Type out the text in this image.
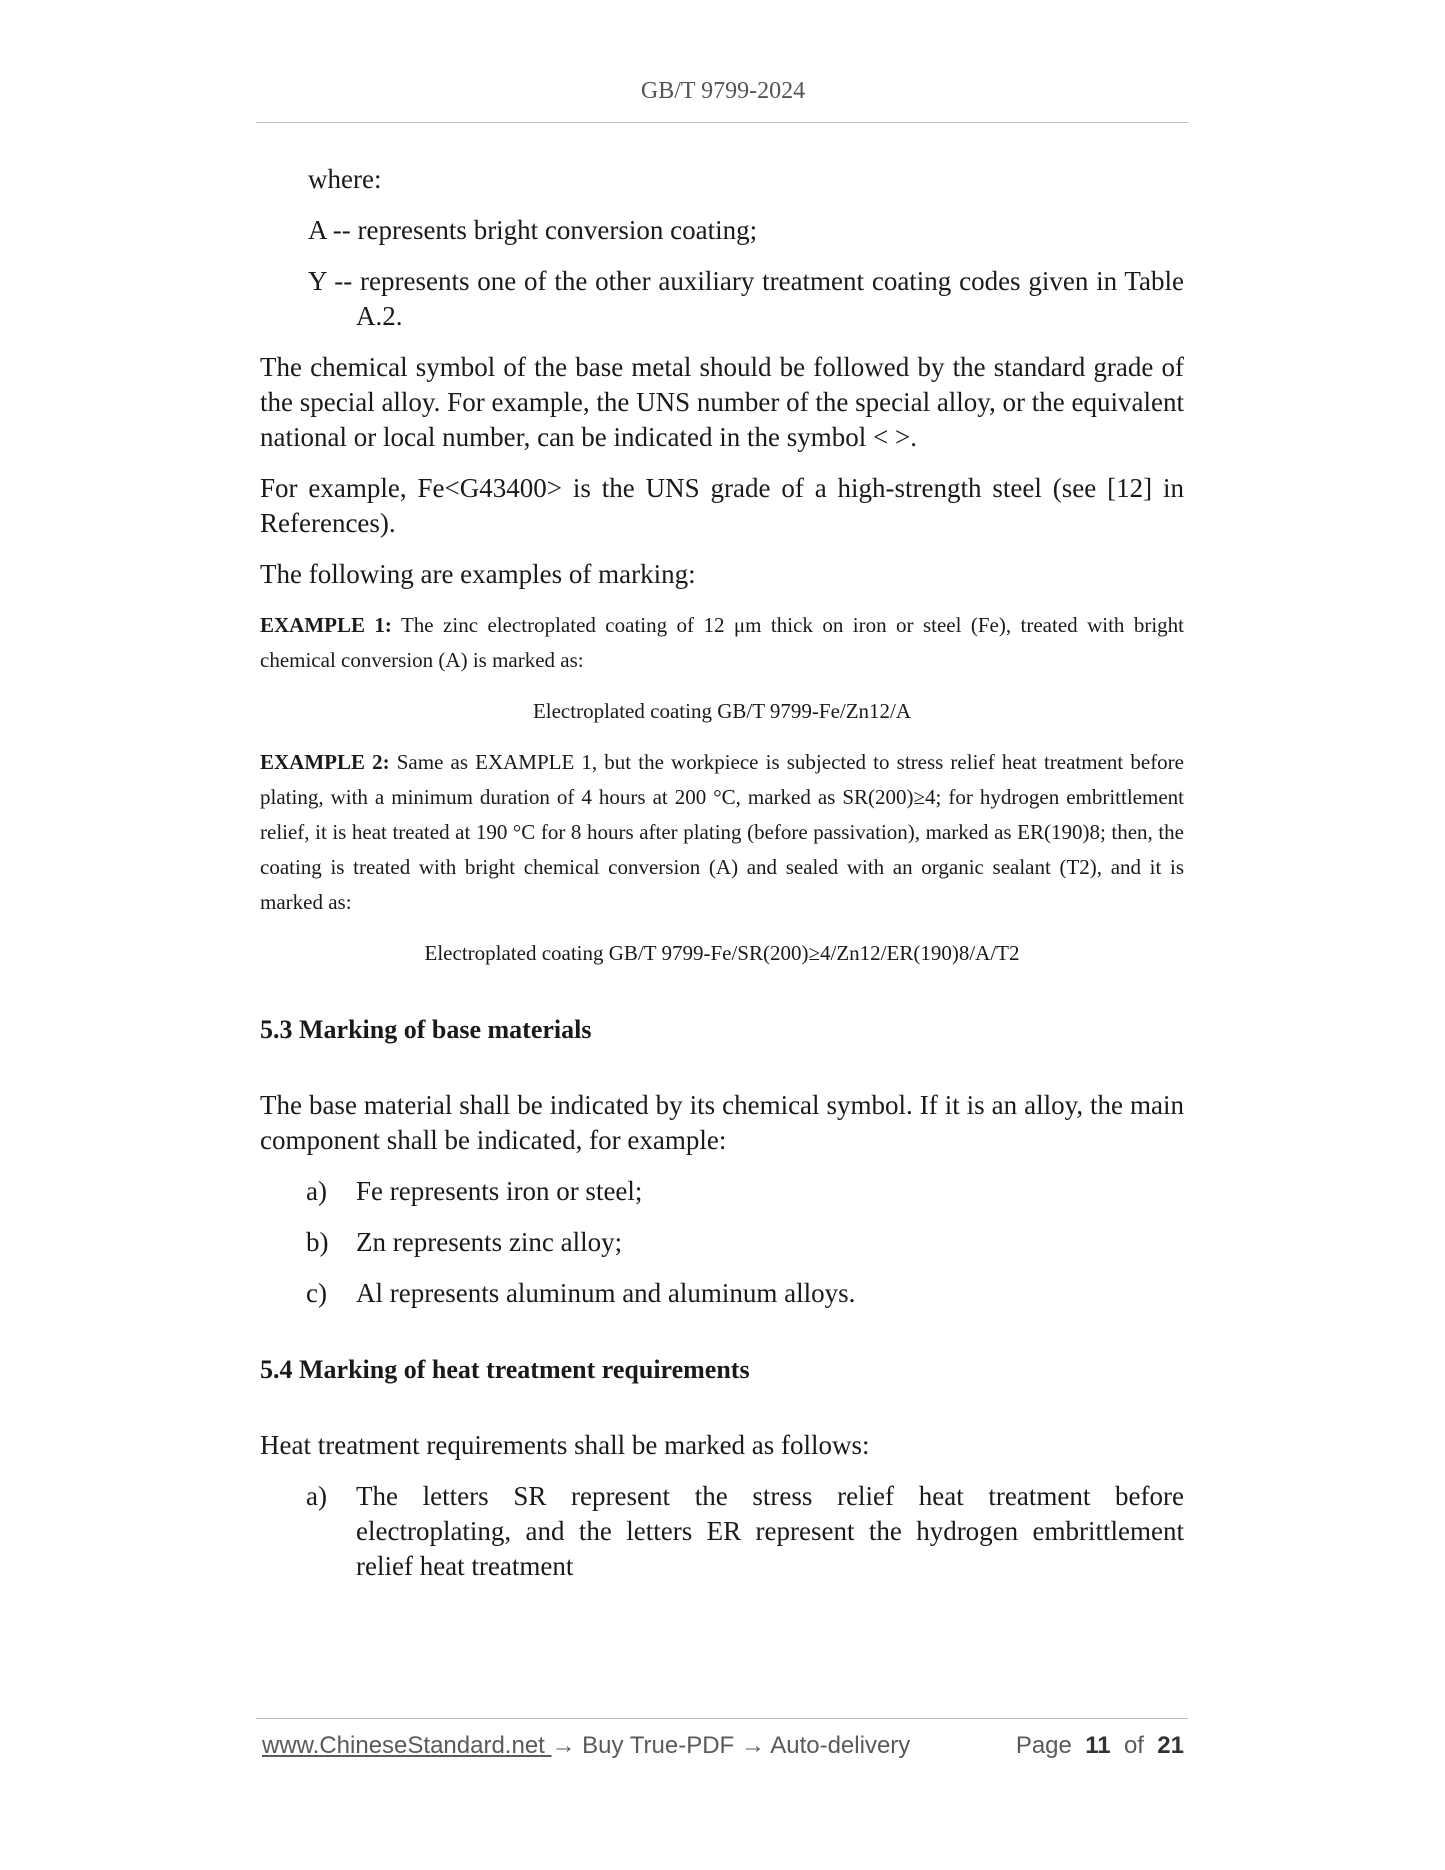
GB/T 9799-2024

where:

A -- represents bright conversion coating;

Y -- represents one of the other auxiliary treatment coating codes given in Table A.2.

The chemical symbol of the base metal should be followed by the standard grade of the special alloy. For example, the UNS number of the special alloy, or the equivalent national or local number, can be indicated in the symbol < >.

For example, Fe<G43400> is the UNS grade of a high-strength steel (see [12] in References).

The following are examples of marking:

EXAMPLE 1: The zinc electroplated coating of 12 μm thick on iron or steel (Fe), treated with bright chemical conversion (A) is marked as:

Electroplated coating GB/T 9799-Fe/Zn12/A

EXAMPLE 2: Same as EXAMPLE 1, but the workpiece is subjected to stress relief heat treatment before plating, with a minimum duration of 4 hours at 200 °C, marked as SR(200)≥4; for hydrogen embrittlement relief, it is heat treated at 190 °C for 8 hours after plating (before passivation), marked as ER(190)8; then, the coating is treated with bright chemical conversion (A) and sealed with an organic sealant (T2), and it is marked as:

Electroplated coating GB/T 9799-Fe/SR(200)≥4/Zn12/ER(190)8/A/T2

5.3 Marking of base materials

The base material shall be indicated by its chemical symbol. If it is an alloy, the main component shall be indicated, for example:

a)	Fe represents iron or steel;
b)	Zn represents zinc alloy;
c)	Al represents aluminum and aluminum alloys.

5.4 Marking of heat treatment requirements

Heat treatment requirements shall be marked as follows:

a)	The letters SR represent the stress relief heat treatment before electroplating, and the letters ER represent the hydrogen embrittlement relief heat treatment
www.ChineseStandard.net → Buy True-PDF → Auto-delivery	Page 11 of 21
